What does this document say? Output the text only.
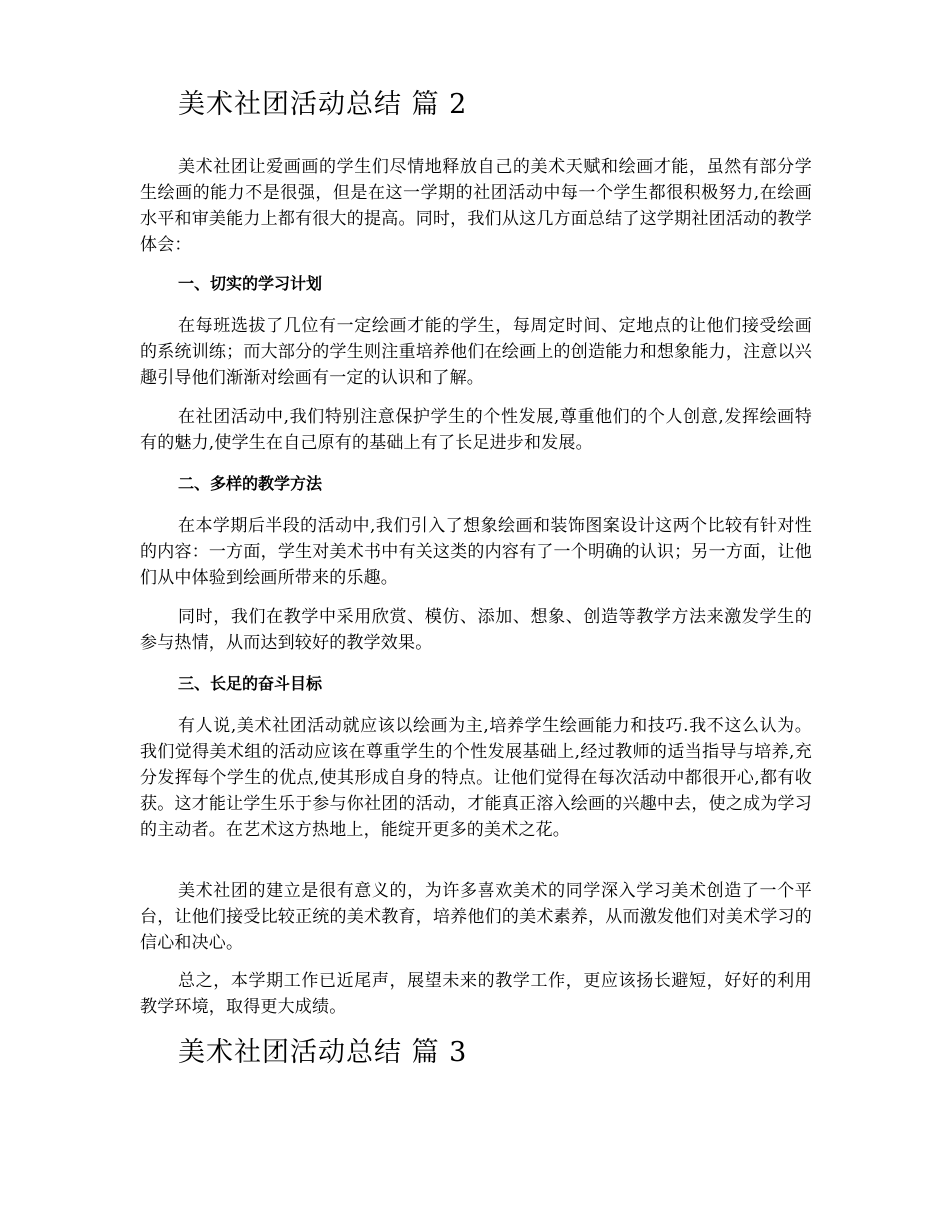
美术社团活动总结 篇 2

美术社团让爱画画的学生们尽情地释放自己的美术天赋和绘画才能，虽然有部分学生绘画的能力不是很强，但是在这一学期的社团活动中每一个学生都很积极努力,在绘画水平和审美能力上都有很大的提高。同时，我们从这几方面总结了这学期社团活动的教学体会：

一、切实的学习计划

在每班选拔了几位有一定绘画才能的学生，每周定时间、定地点的让他们接受绘画的系统训练；而大部分的学生则注重培养他们在绘画上的创造能力和想象能力，注意以兴趣引导他们渐渐对绘画有一定的认识和了解。

在社团活动中,我们特别注意保护学生的个性发展,尊重他们的个人创意,发挥绘画特有的魅力,使学生在自己原有的基础上有了长足进步和发展。

二、多样的教学方法

在本学期后半段的活动中,我们引入了想象绘画和装饰图案设计这两个比较有针对性的内容：一方面，学生对美术书中有关这类的内容有了一个明确的认识；另一方面，让他们从中体验到绘画所带来的乐趣。

同时，我们在教学中采用欣赏、模仿、添加、想象、创造等教学方法来激发学生的参与热情，从而达到较好的教学效果。

三、长足的奋斗目标

有人说,美术社团活动就应该以绘画为主,培养学生绘画能力和技巧.我不这么认为。我们觉得美术组的活动应该在尊重学生的个性发展基础上,经过教师的适当指导与培养,充分发挥每个学生的优点,使其形成自身的特点。让他们觉得在每次活动中都很开心,都有收获。这才能让学生乐于参与你社团的活动，才能真正溶入绘画的兴趣中去，使之成为学习的主动者。在艺术这方热地上，能绽开更多的美术之花。

美术社团的建立是很有意义的，为许多喜欢美术的同学深入学习美术创造了一个平台，让他们接受比较正统的美术教育，培养他们的美术素养，从而激发他们对美术学习的信心和决心。

总之，本学期工作已近尾声，展望未来的教学工作，更应该扬长避短，好好的利用教学环境，取得更大成绩。

美术社团活动总结 篇 3
